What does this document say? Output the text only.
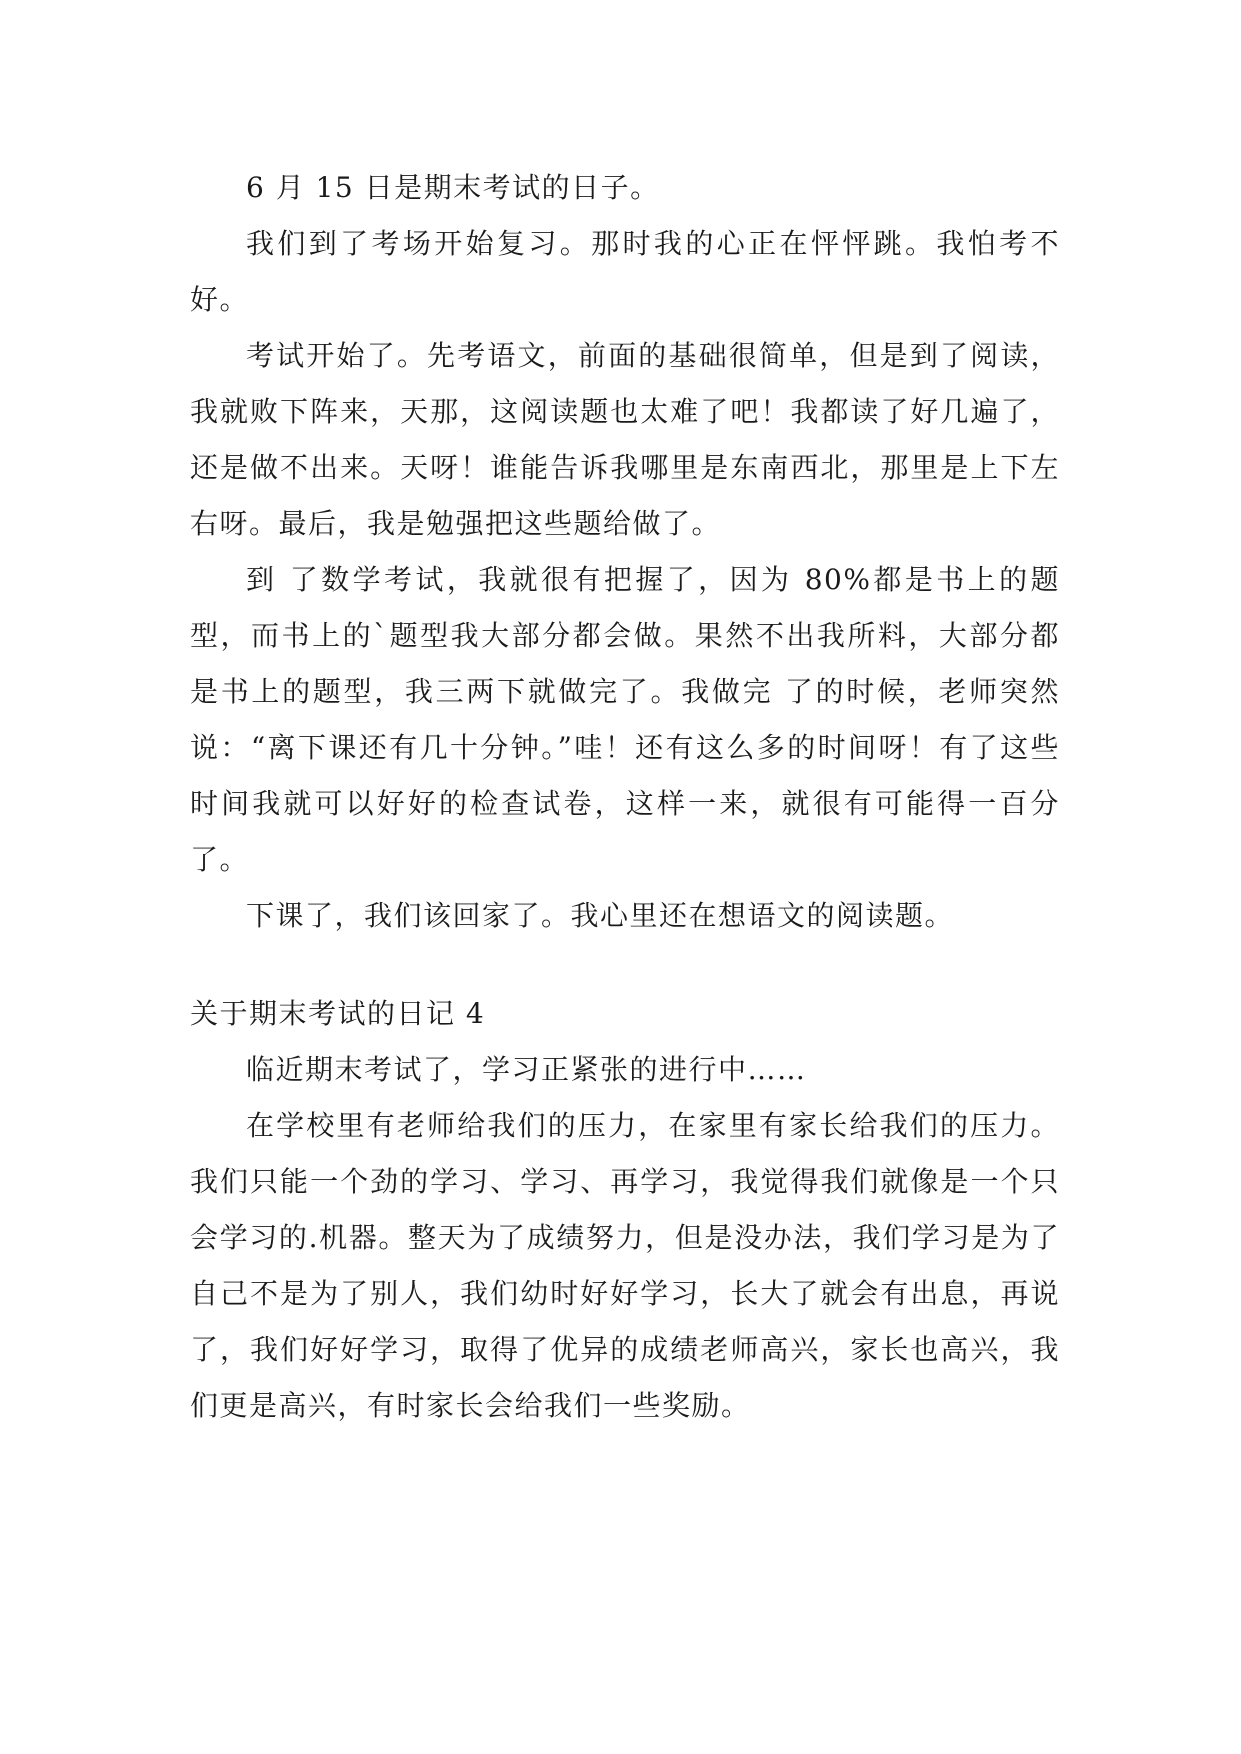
6 月 15 日是期末考试的日子。

我们到了考场开始复习。那时我的心正在怦怦跳。我怕考不好。

考试开始了。先考语文，前面的基础很简单，但是到了阅读，我就败下阵来，天那，这阅读题也太难了吧！我都读了好几遍了，还是做不出来。天呀！谁能告诉我哪里是东南西北，那里是上下左右呀。最后，我是勉强把这些题给做了。

到 了数学考试，我就很有把握了，因为 80%都是书上的题型，而书上的`题型我大部分都会做。果然不出我所料，大部分都是书上的题型，我三两下就做完了。我做完 了的时候，老师突然说：“离下课还有几十分钟。”哇！还有这么多的时间呀！有了这些时间我就可以好好的检查试卷，这样一来，就很有可能得一百分了。

下课了，我们该回家了。我心里还在想语文的阅读题。

关于期末考试的日记 4

临近期末考试了，学习正紧张的进行中……

在学校里有老师给我们的压力，在家里有家长给我们的压力。我们只能一个劲的学习、学习、再学习，我觉得我们就像是一个只会学习的.机器。整天为了成绩努力，但是没办法，我们学习是为了自己不是为了别人，我们幼时好好学习，长大了就会有出息，再说了，我们好好学习，取得了优异的成绩老师高兴，家长也高兴，我们更是高兴，有时家长会给我们一些奖励。
